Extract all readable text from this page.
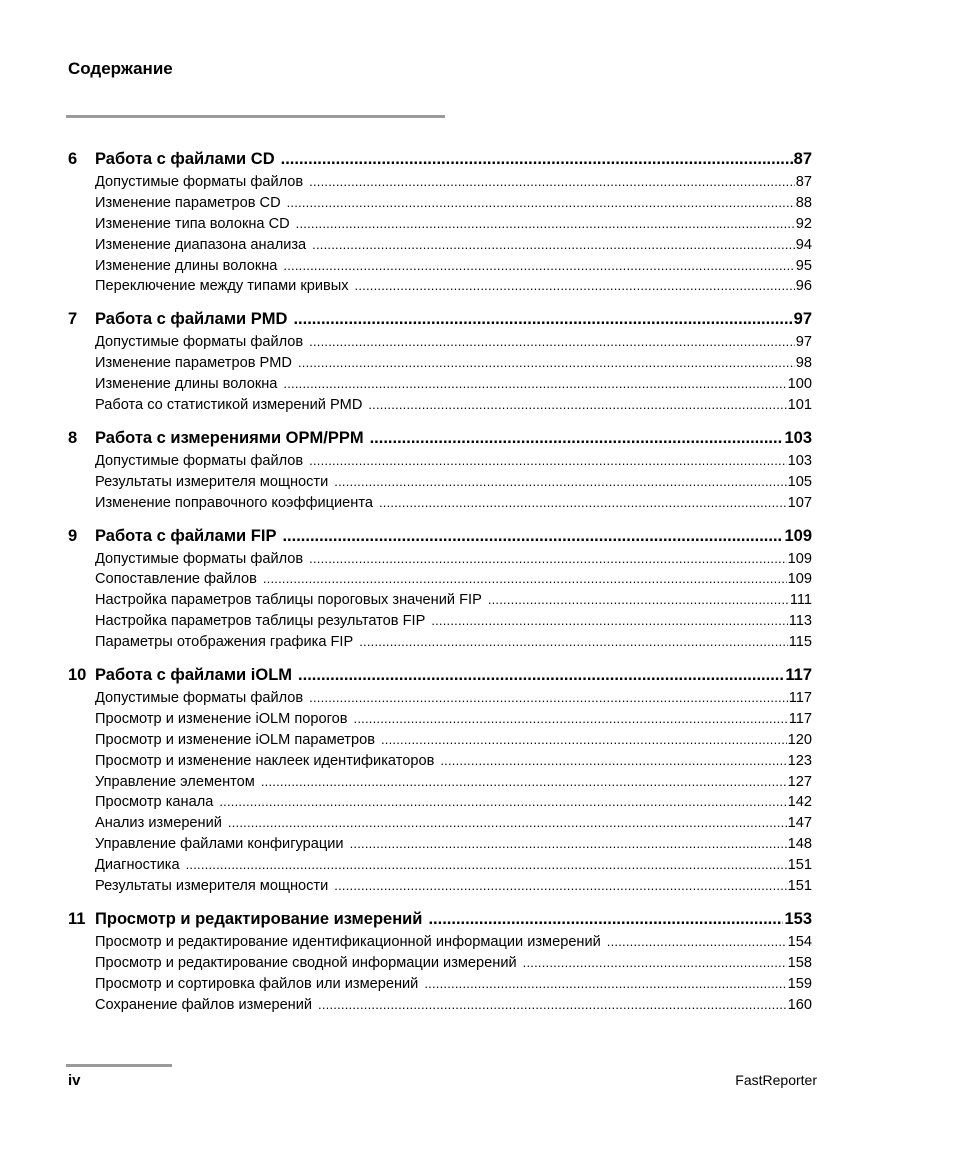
Содержание
6	Работа с файлами CD .....	87
Допустимые форматы файлов .....	87
Изменение параметров CD .....	88
Изменение типа волокна CD .....	92
Изменение диапазона анализа .....	94
Изменение длины волокна .....	95
Переключение между типами кривых .....	96
7	Работа с файлами PMD .....	97
Допустимые форматы файлов .....	97
Изменение параметров PMD .....	98
Изменение длины волокна .....	100
Работа со статистикой измерений PMD .....	101
8	Работа с измерениями OPM/PPM .....	103
Допустимые форматы файлов .....	103
Результаты измерителя мощности .....	105
Изменение поправочного коэффициента .....	107
9	Работа с файлами FIP .....	109
Допустимые форматы файлов .....	109
Сопоставление файлов .....	109
Настройка параметров таблицы пороговых значений FIP .....	111
Настройка параметров таблицы результатов FIP .....	113
Параметры отображения графика FIP .....	115
10 Работа с файлами iOLM .....	117
Допустимые форматы файлов .....	117
Просмотр и изменение iOLM порогов .....	117
Просмотр и изменение iOLM параметров .....	120
Просмотр и изменение наклеек идентификаторов .....	123
Управление элементом .....	127
Просмотр канала .....	142
Анализ измерений .....	147
Управление файлами конфигурации .....	148
Диагностика .....	151
Результаты измерителя мощности .....	151
11 Просмотр и редактирование измерений .....	153
Просмотр и редактирование идентификационной информации измерений .....	154
Просмотр и редактирование сводной информации измерений .....	158
Просмотр и сортировка файлов или измерений .....	159
Сохранение файлов измерений .....	160
iv	FastReporter
